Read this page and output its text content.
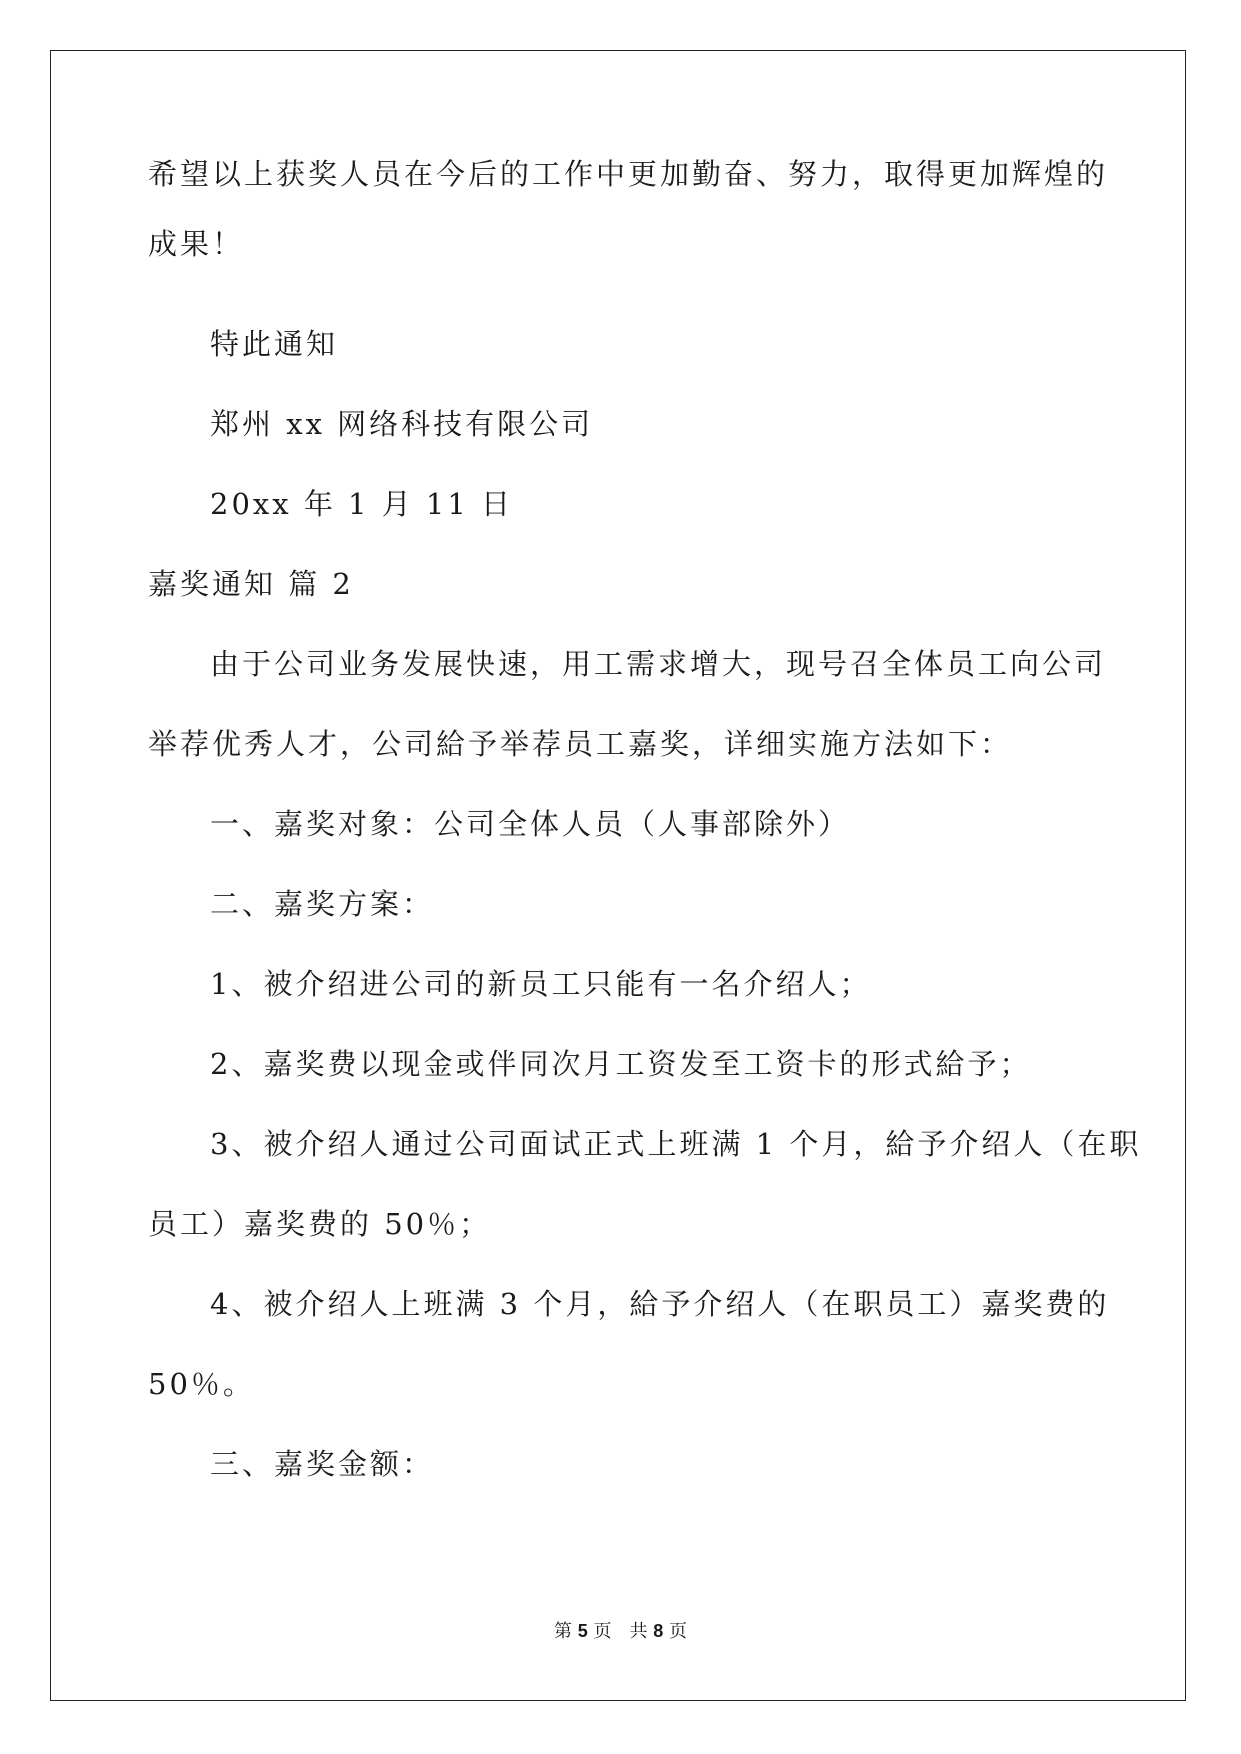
希望以上获奖人员在今后的工作中更加勤奋、努力，取得更加辉煌的
成果！
特此通知
郑州 xx 网络科技有限公司
20xx 年 1 月 11 日
嘉奖通知 篇 2
由于公司业务发展快速，用工需求增大，现号召全体员工向公司
举荐优秀人才，公司給予举荐员工嘉奖，详细实施方法如下：
一、嘉奖对象：公司全体人员（人事部除外）
二、嘉奖方案：
1、被介绍进公司的新员工只能有一名介绍人；
2、嘉奖费以现金或伴同次月工资发至工资卡的形式給予；
3、被介绍人通过公司面试正式上班满 1 个月，給予介绍人（在职
员工）嘉奖费的 50％；
4、被介绍人上班满 3 个月，給予介绍人（在职员工）嘉奖费的
50％。
三、嘉奖金额：
第 5 页　共 8 页
